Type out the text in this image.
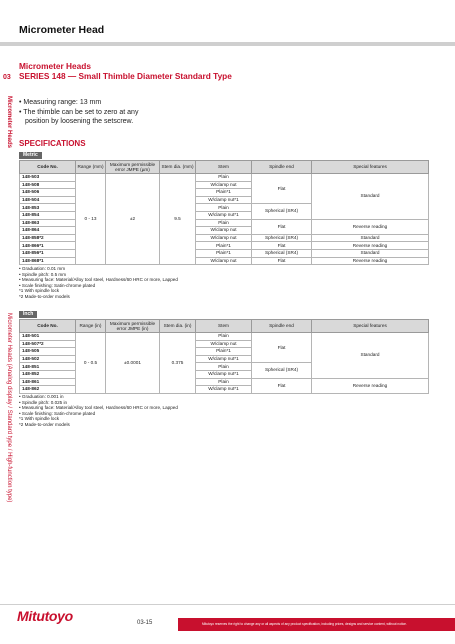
Micrometer Head
03
Micrometer Heads
Micrometer Heads (Analog display / Standard type / High-function type)
Micrometer Heads
SERIES 148 — Small Thimble Diameter Standard Type
• Measuring range: 13 mm
• The thimble can be set to zero at any position by loosening the setscrew.
SPECIFICATIONS
Metric
Code No.	Range (mm)	Maximum permissible error JMPE (µm)	Stem dia. (mm)	Stem	Spindle end	Special features
148-503	0 - 13	±2	9.5	Plain	Flat	Standard
148-508				W/clamp nut		
148-506				Plain*1		
148-504				W/clamp nut*1		
148-853				Plain	Spherical (SR4)	
148-854				W/clamp nut*1		
148-863				Plain	Flat	Reverse reading
148-864				W/clamp nut		
148-858*2				W/clamp nut	Spherical (SR4)	Standard
148-866*1				Plain*1	Flat	Reverse reading
148-856*1				Plain*1	Spherical (SR4)	Standard
148-868*1				W/clamp nut	Flat	Reverse reading
• Graduation: 0.01 mm
• Spindle pitch: 0.5 mm
• Measuring face: Material/Alloy tool steel, Hardness/60 HRC or more, Lapped
• Scale finishing: Satin-chrome plated
*1 With spindle lock
*2 Made-to-order models
Inch
Code No.	Range (in)	Maximum permissible error JMPE (in)	Stem dia. (in)	Stem	Spindle end	Special features
148-501	0 - 0.5	±0.0001	0.375	Plain	Flat	Standard
148-507*2				W/clamp nut		
148-505				Plain*1		
148-502				W/clamp nut*1		
148-851				Plain	Spherical (SR4)	
148-852				W/clamp nut*1		
148-861				Plain	Flat	Reverse reading
148-862				W/clamp nut*1		
• Graduation: 0.001 in
• Spindle pitch: 0.025 in
• Measuring face: Material/Alloy tool steel, Hardness/60 HRC or more, Lapped
• Scale finishing: Satin-chrome plated
*1 With spindle lock
*2 Made-to-order models
Mitutoyo	03-15	Mitutoyo reserves the right to change any or all aspects of any product specification, including prices, designs and service content, without notice.
